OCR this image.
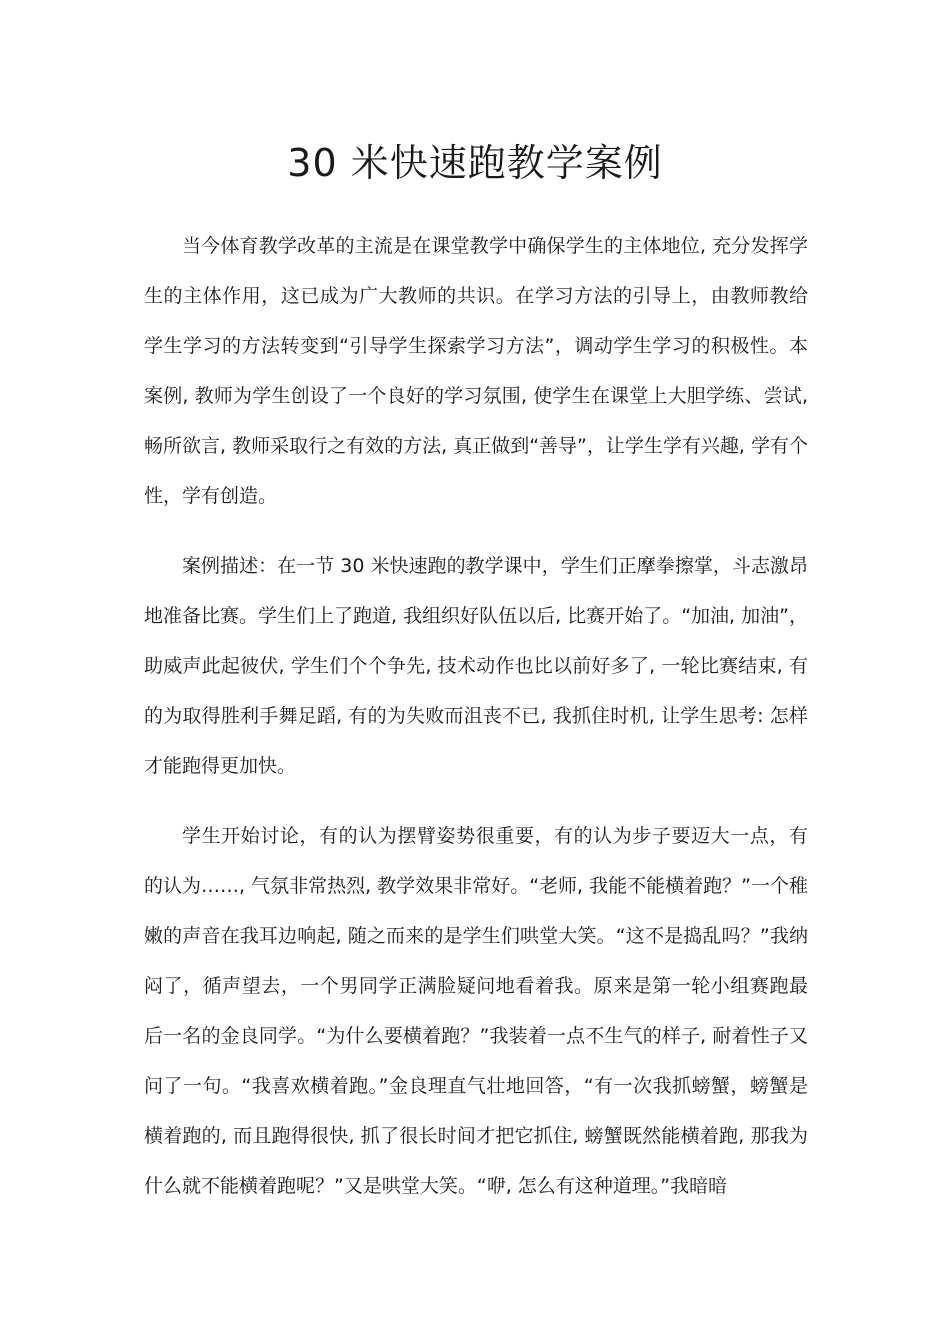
30 米快速跑教学案例

当今体育教学改革的主流是在课堂教学中确保学生的主体地位, 充分发挥学生的主体作用，这已成为广大教师的共识。在学习方法的引导上，由教师教给学生学习的方法转变到“引导学生探索学习方法”，调动学生学习的积极性。本案例, 教师为学生创设了一个良好的学习氛围, 使学生在课堂上大胆学练、尝试, 畅所欲言, 教师采取行之有效的方法, 真正做到“善导”，让学生学有兴趣, 学有个性，学有创造。

案例描述：在一节 30 米快速跑的教学课中，学生们正摩拳擦掌，斗志激昂地准备比赛。学生们上了跑道, 我组织好队伍以后, 比赛开始了。“加油, 加油”，助威声此起彼伏, 学生们个个争先, 技术动作也比以前好多了, 一轮比赛结束, 有的为取得胜利手舞足蹈, 有的为失败而沮丧不已, 我抓住时机, 让学生思考: 怎样才能跑得更加快。

学生开始讨论，有的认为摆臂姿势很重要，有的认为步子要迈大一点，有的认为……, 气氛非常热烈, 教学效果非常好。“老师, 我能不能横着跑？”一个稚嫩的声音在我耳边响起, 随之而来的是学生们哄堂大笑。“这不是捣乱吗？”我纳闷了，循声望去，一个男同学正满脸疑问地看着我。原来是第一轮小组赛跑最后一名的金良同学。“为什么要横着跑？”我装着一点不生气的样子, 耐着性子又问了一句。“我喜欢横着跑。”金良理直气壮地回答，“有一次我抓螃蟹，螃蟹是横着跑的, 而且跑得很快, 抓了很长时间才把它抓住, 螃蟹既然能横着跑, 那我为什么就不能横着跑呢？”又是哄堂大笑。“咿, 怎么有这种道理。”我暗暗
